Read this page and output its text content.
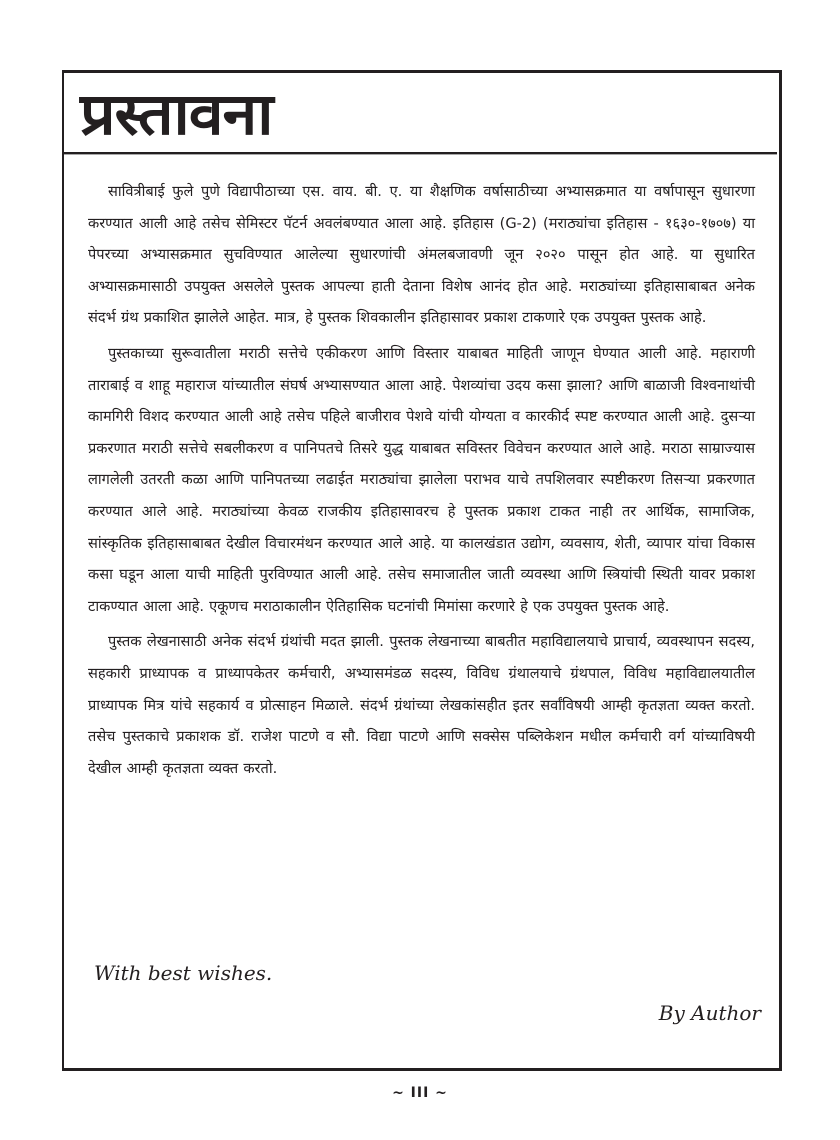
प्रस्तावना

सावित्रीबाई फुले पुणे विद्यापीठाच्या एस. वाय. बी. ए. या शैक्षणिक वर्षासाठीच्या अभ्यासक्रमात या वर्षापासून सुधारणा करण्यात आली आहे तसेच सेमिस्टर पॅटर्न अवलंबण्यात आला आहे. इतिहास (G-2) (मराठ्यांचा इतिहास - १६३०-१७०७) या पेपरच्या अभ्यासक्रमात सुचविण्यात आलेल्या सुधारणांची अंमलबजावणी जून २०२० पासून होत आहे. या सुधारित अभ्यासक्रमासाठी उपयुक्त असलेले पुस्तक आपल्या हाती देताना विशेष आनंद होत आहे. मराठ्यांच्या इतिहासाबाबत अनेक संदर्भ ग्रंथ प्रकाशित झालेले आहेत. मात्र, हे पुस्तक शिवकालीन इतिहासावर प्रकाश टाकणारे एक उपयुक्त पुस्तक आहे.

पुस्तकाच्या सुरूवातीला मराठी सत्तेचे एकीकरण आणि विस्तार याबाबत माहिती जाणून घेण्यात आली आहे. महाराणी ताराबाई व शाहू महाराज यांच्यातील संघर्ष अभ्यासण्यात आला आहे. पेशव्यांचा उदय कसा झाला? आणि बाळाजी विश्वनाथांची कामगिरी विशद करण्यात आली आहे तसेच पहिले बाजीराव पेशवे यांची योग्यता व कारकीर्द स्पष्ट करण्यात आली आहे. दुसऱ्या प्रकरणात मराठी सत्तेचे सबलीकरण व पानिपतचे तिसरे युद्ध याबाबत सविस्तर विवेचन करण्यात आले आहे. मराठा साम्राज्यास लागलेली उतरती कळा आणि पानिपतच्या लढाईत मराठ्यांचा झालेला पराभव याचे तपशिलवार स्पष्टीकरण तिसऱ्या प्रकरणात करण्यात आले आहे. मराठ्यांच्या केवळ राजकीय इतिहासावरच हे पुस्तक प्रकाश टाकत नाही तर आर्थिक, सामाजिक, सांस्कृतिक इतिहासाबाबत देखील विचारमंथन करण्यात आले आहे. या कालखंडात उद्योग, व्यवसाय, शेती, व्यापार यांचा विकास कसा घडून आला याची माहिती पुरविण्यात आली आहे. तसेच समाजातील जाती व्यवस्था आणि स्त्रियांची स्थिती यावर प्रकाश टाकण्यात आला आहे. एकूणच मराठाकालीन ऐतिहासिक घटनांची मिमांसा करणारे हे एक उपयुक्त पुस्तक आहे.

पुस्तक लेखनासाठी अनेक संदर्भ ग्रंथांची मदत झाली. पुस्तक लेखनाच्या बाबतीत महाविद्यालयाचे प्राचार्य, व्यवस्थापन सदस्य, सहकारी प्राध्यापक व प्राध्यापकेतर कर्मचारी, अभ्यासमंडळ सदस्य, विविध ग्रंथालयाचे ग्रंथपाल, विविध महाविद्यालयातील प्राध्यापक मित्र यांचे सहकार्य व प्रोत्साहन मिळाले. संदर्भ ग्रंथांच्या लेखकांसहीत इतर सर्वांविषयी आम्ही कृतज्ञता व्यक्त करतो. तसेच पुस्तकाचे प्रकाशक डॉ. राजेश पाटणे व सौ. विद्या पाटणे आणि सक्सेस पब्लिकेशन मधील कर्मचारी वर्ग यांच्याविषयी देखील आम्ही कृतज्ञता व्यक्त करतो.

With best wishes.

By Author

~ III ~
